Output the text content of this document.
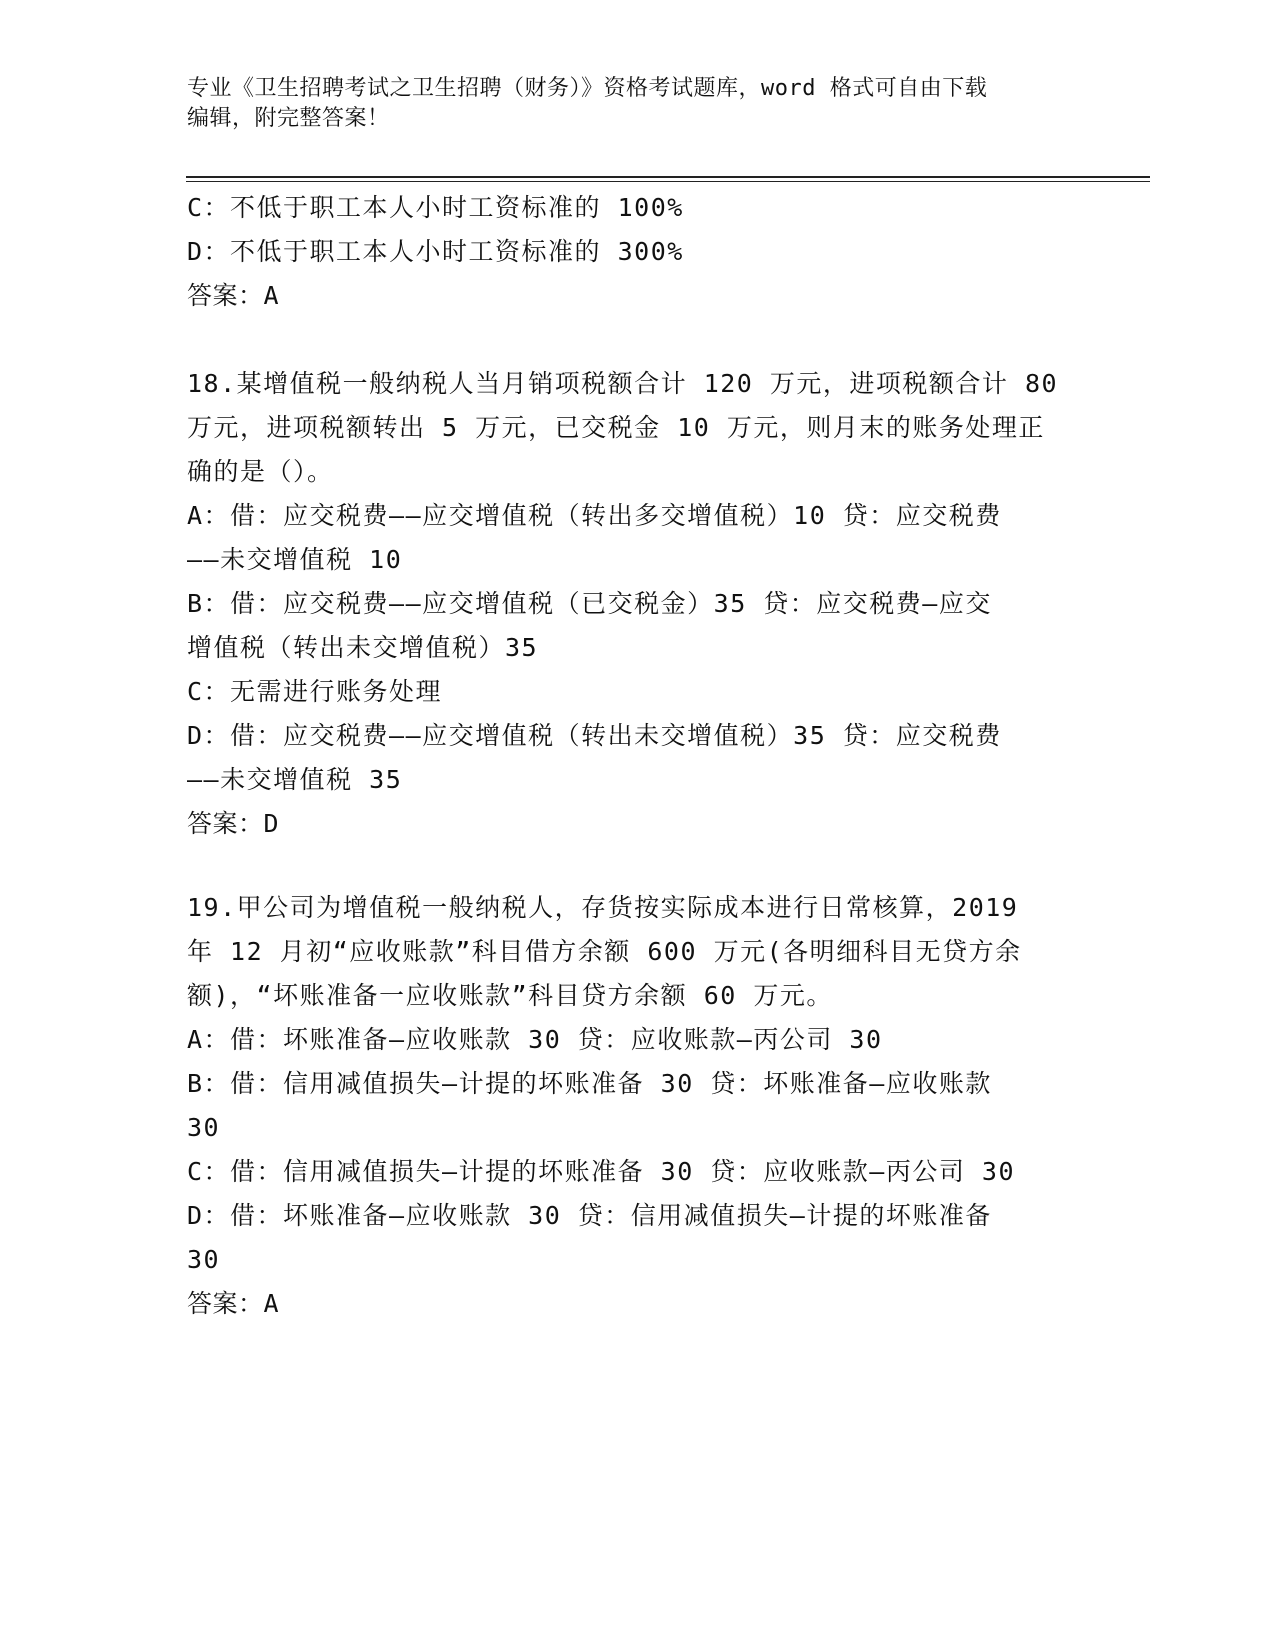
专业《卫生招聘考试之卫生招聘（财务）》资格考试题库，word 格式可自由下载
编辑，附完整答案！
C：不低于职工本人小时工资标准的 100%
D：不低于职工本人小时工资标准的 300%
答案：A
18.某增值税一般纳税人当月销项税额合计 120 万元，进项税额合计 80
万元，进项税额转出 5 万元，已交税金 10 万元，则月末的账务处理正
确的是（）。
A：借：应交税费——应交增值税（转出多交增值税）10 贷：应交税费
——未交增值税 10
B：借：应交税费——应交增值税（已交税金）35 贷：应交税费—应交
增值税（转出未交增值税）35
C：无需进行账务处理
D：借：应交税费——应交增值税（转出未交增值税）35 贷：应交税费
——未交增值税 35
答案：D
19.甲公司为增值税一般纳税人，存货按实际成本进行日常核算，2019
年 12 月初“应收账款”科目借方余额 600 万元(各明细科目无贷方余
额)，“坏账准备一应收账款”科目贷方余额 60 万元。
A：借：坏账准备—应收账款 30 贷：应收账款—丙公司 30
B：借：信用减值损失—计提的坏账准备 30 贷：坏账准备—应收账款
30
C：借：信用减值损失—计提的坏账准备 30 贷：应收账款—丙公司 30
D：借：坏账准备—应收账款 30 贷：信用减值损失—计提的坏账准备
30
答案：A
